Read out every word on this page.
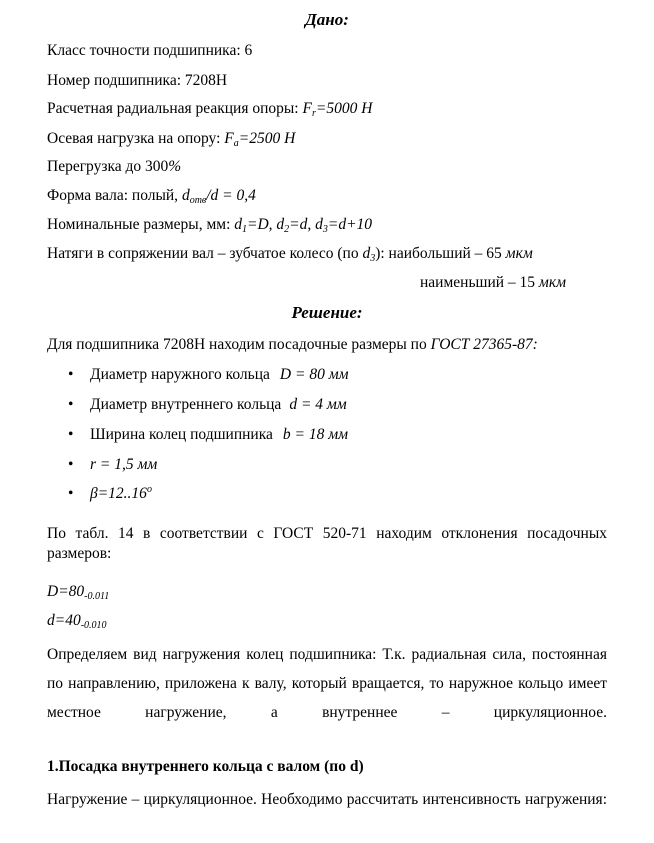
Дано:
Класс точности подшипника: 6
Номер подшипника: 7208Н
Расчетная радиальная реакция опоры: $F_r=5000$ Н
Осевая нагрузка на опору: $F_a=2500$ Н
Перегрузка до 300%
Форма вала: полый, $d_{отв}/d = 0,4$
Номинальные размеры, мм: $d_1=D$, $d_2=d$, $d_3=d+10$
Натяги в сопряжении вал – зубчатое колесо (по $d_3$): наибольший – 65 мкм
наименьший – 15 мкм
Решение:
Для подшипника 7208Н находим посадочные размеры по ГОСТ 27365-87:
• Диаметр наружного кольца D = 80 мм
• Диаметр внутреннего кольца d = 4 мм
• Ширина колец подшипника b = 18 мм
• r = 1,5 мм
• $\beta=12..16^о$
По табл. 14 в соответствии с ГОСТ 520-71 находим отклонения посадочных размеров:
$D=80_{-0.011}$
$d=40_{-0.010}$
Определяем вид нагружения колец подшипника: Т.к. радиальная сила, постоянная по направлению, приложена к валу, который вращается, то наружное кольцо имеет местное нагружение, а внутреннее – циркуляционное.
1.Посадка внутреннего кольца с валом (по d)
Нагружение – циркуляционное. Необходимо рассчитать интенсивность нагружения:
